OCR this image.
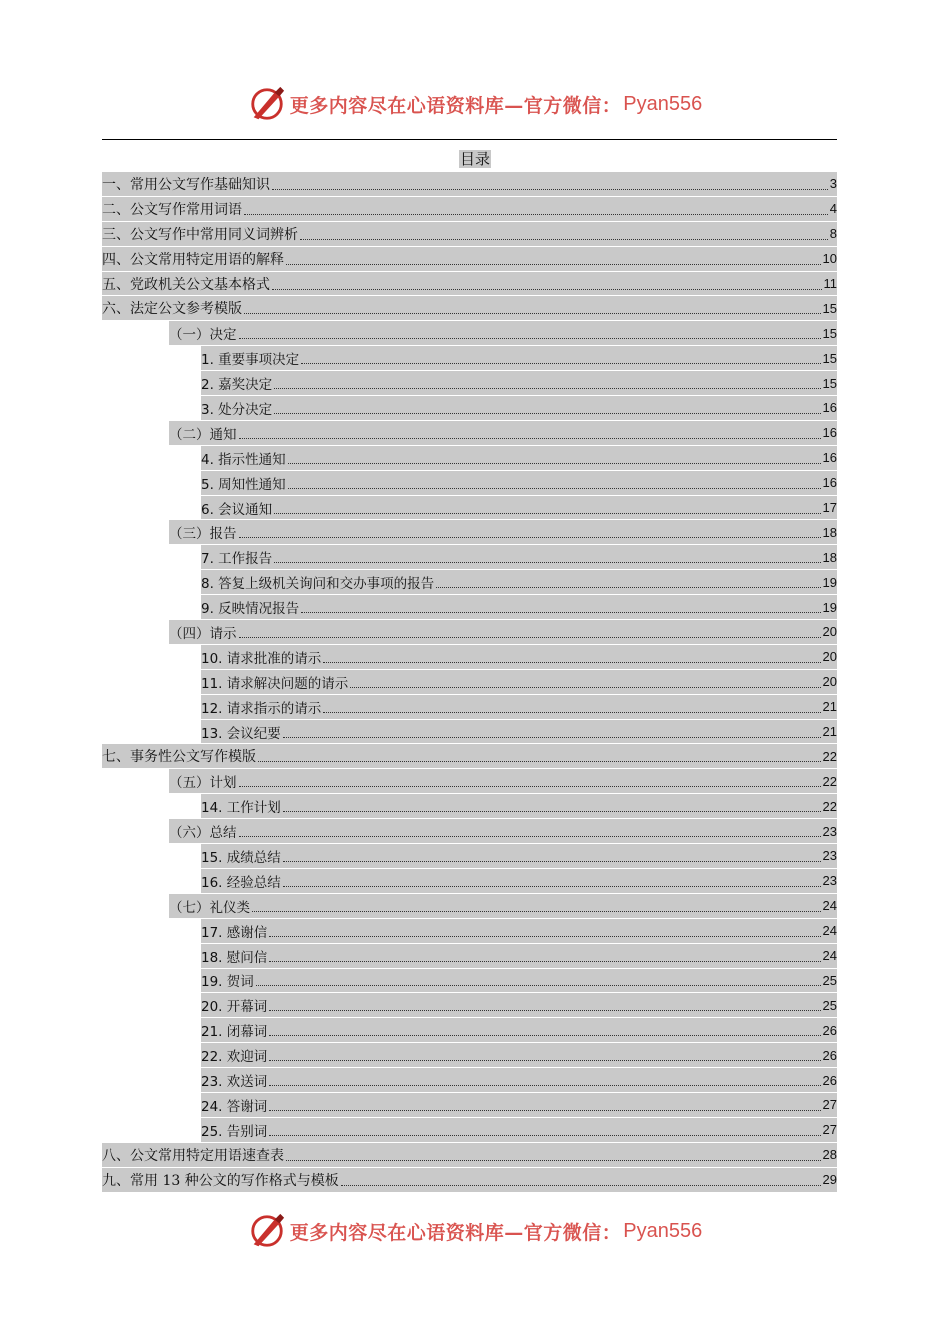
更多内容尽在心语资料库—官方微信： Pyan556
目录
一、常用公文写作基础知识	3
二、公文写作常用词语	4
三、公文写作中常用同义词辨析	8
四、公文常用特定用语的解释	10
五、党政机关公文基本格式	11
六、法定公文参考模版	15
（一）决定	15
1. 重要事项决定	15
2. 嘉奖决定	15
3. 处分决定	16
（二）通知	16
4. 指示性通知	16
5. 周知性通知	16
6. 会议通知	17
（三）报告	18
7. 工作报告	18
8. 答复上级机关询问和交办事项的报告	19
9. 反映情况报告	19
（四）请示	20
10. 请求批准的请示	20
11. 请求解决问题的请示	20
12. 请求指示的请示	21
13. 会议纪要	21
七、事务性公文写作模版	22
（五）计划	22
14. 工作计划	22
（六）总结	23
15. 成绩总结	23
16. 经验总结	23
（七）礼仪类	24
17. 感谢信	24
18. 慰问信	24
19. 贺词	25
20. 开幕词	25
21. 闭幕词	26
22. 欢迎词	26
23. 欢送词	26
24. 答谢词	27
25. 告别词	27
八、公文常用特定用语速查表	28
九、常用 13 种公文的写作格式与模板	29
更多内容尽在心语资料库—官方微信： Pyan556
